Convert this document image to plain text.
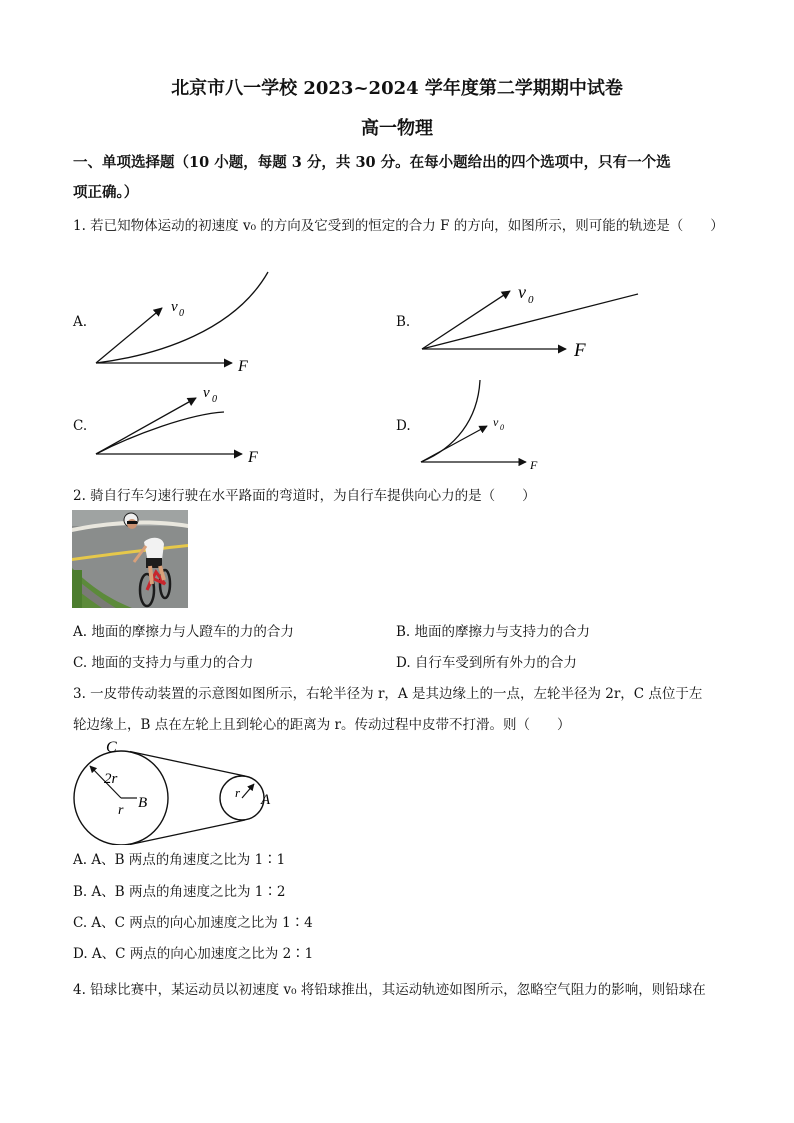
北京市八一学校 2023~2024 学年度第二学期期中试卷
高一物理
一、单项选择题（10 小题，每题 3 分，共 30 分。在每小题给出的四个选项中，只有一个选
项正确。）
1. 若已知物体运动的初速度 v₀ 的方向及它受到的恒定的合力 F 的方向，如图所示，则可能的轨迹是（　　）
A.	B.
C.	D.
v 0
F
v 0
F
v 0
F
v 0
F
2. 骑自行车匀速行驶在水平路面的弯道时，为自行车提供向心力的是（　　）
A. 地面的摩擦力与人蹬车的力的合力	B. 地面的摩擦力与支持力的合力
C. 地面的支持力与重力的合力	D. 自行车受到所有外力的合力
3. 一皮带传动装置的示意图如图所示，右轮半径为 r，A 是其边缘上的一点，左轮半径为 2r，C 点位于左
轮边缘上，B 点在左轮上且到轮心的距离为 r。传动过程中皮带不打滑。则（　　）
C
2r
r B
r A
A. A、B 两点的角速度之比为 1∶1
B. A、B 两点的角速度之比为 1∶2
C. A、C 两点的向心加速度之比为 1∶4
D. A、C 两点的向心加速度之比为 2∶1
4. 铅球比赛中，某运动员以初速度 v₀ 将铅球推出，其运动轨迹如图所示，忽略空气阻力的影响，则铅球在
